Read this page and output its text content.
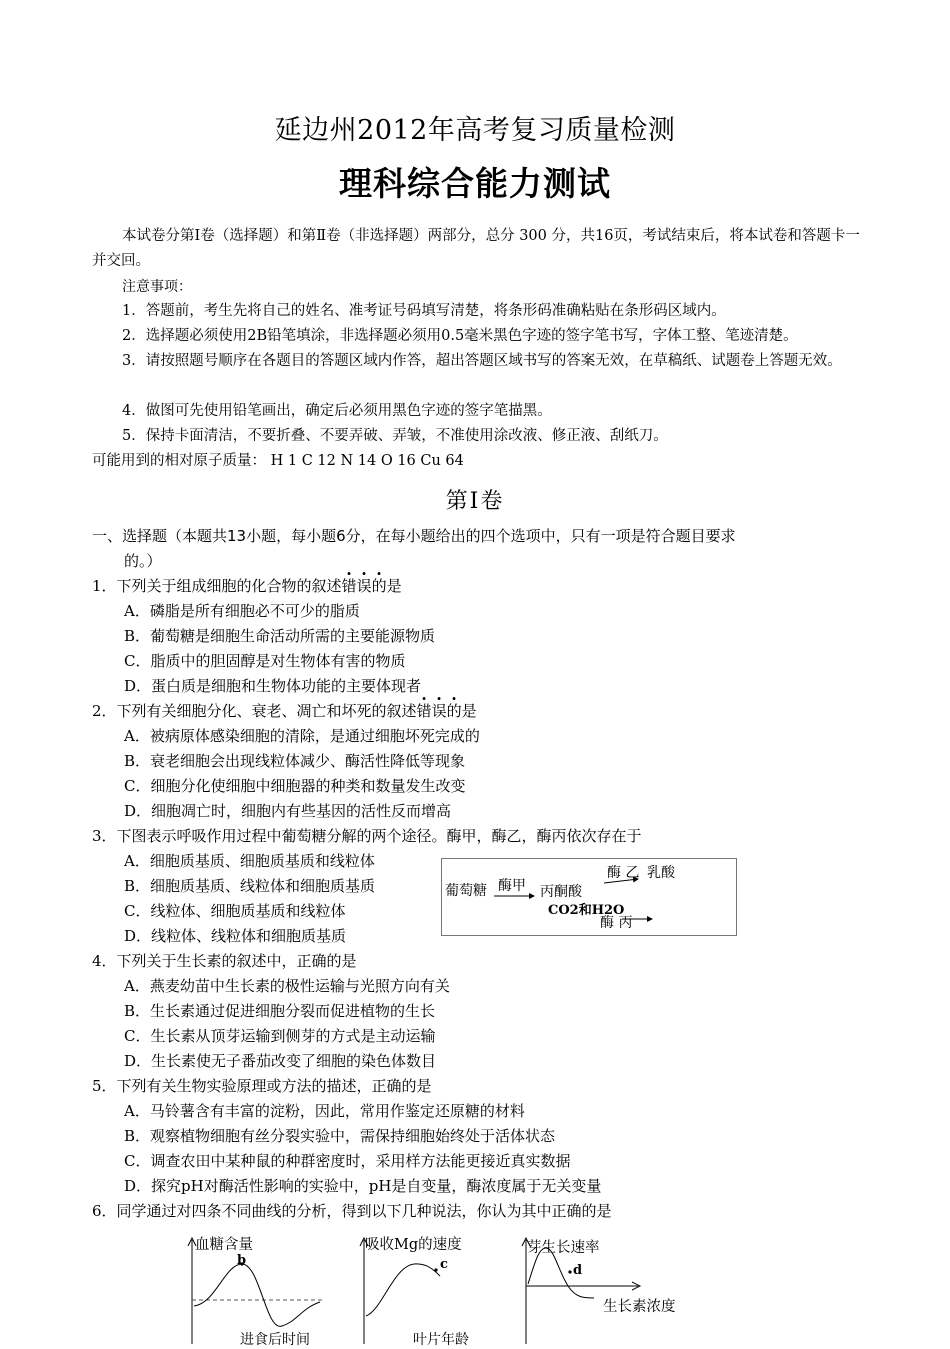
延边州2012年高考复习质量检测
理科综合能力测试
本试卷分第Ⅰ卷（选择题）和第Ⅱ卷（非选择题）两部分，总分 300 分，共16页，考试结束后，将本试卷和答题卡一并交回。
注意事项：
1．答题前，考生先将自己的姓名、准考证号码填写清楚，将条形码准确粘贴在条形码区域内。
2．选择题必须使用2B铅笔填涂，非选择题必须用0.5毫米黑色字迹的签字笔书写，字体工整、笔迹清楚。
3．请按照题号顺序在各题目的答题区域内作答，超出答题区域书写的答案无效，在草稿纸、试题卷上答题无效。
4．做图可先使用铅笔画出，确定后必须用黑色字迹的签字笔描黑。
5．保持卡面清洁，不要折叠、不要弄破、弄皱，不准使用涂改液、修正液、刮纸刀。
可能用到的相对原子质量： H 1 C 12 N 14 O 16 Cu 64
第Ⅰ卷
一、选择题（本题共13小题，每小题6分，在每小题给出的四个选项中，只有一项是符合题目要求
的。）
1．下列关于组成细胞的化合物的叙述错误的是
A．磷脂是所有细胞必不可少的脂质
B．葡萄糖是细胞生命活动所需的主要能源物质
C．脂质中的胆固醇是对生物体有害的物质
D．蛋白质是细胞和生物体功能的主要体现者
2．下列有关细胞分化、衰老、凋亡和坏死的叙述错误的是
A．被病原体感染细胞的清除，是通过细胞坏死完成的
B．衰老细胞会出现线粒体减少、酶活性降低等现象
C．细胞分化使细胞中细胞器的种类和数量发生改变
D．细胞凋亡时，细胞内有些基因的活性反而增高
3．下图表示呼吸作用过程中葡萄糖分解的两个途径。酶甲，酶乙，酶丙依次存在于
A．细胞质基质、细胞质基质和线粒体
B．细胞质基质、线粒体和细胞质基质
C．线粒体、细胞质基质和线粒体
D．线粒体、线粒体和细胞质基质
葡萄糖 酶甲 丙酮酸
酶 乙 乳酸
CO2和H2O
酶 丙
4．下列关于生长素的叙述中，正确的是
A．燕麦幼苗中生长素的极性运输与光照方向有关
B．生长素通过促进细胞分裂而促进植物的生长
C．生长素从顶芽运输到侧芽的方式是主动运输
D．生长素使无子番茄改变了细胞的染色体数目
5．下列有关生物实验原理或方法的描述，正确的是
A．马铃薯含有丰富的淀粉，因此，常用作鉴定还原糖的材料
B．观察植物细胞有丝分裂实验中，需保持细胞始终处于活体状态
C．调查农田中某种鼠的种群密度时，采用样方法能更接近真实数据
D．探究pH对酶活性影响的实验中，pH是自变量，酶浓度属于无关变量
6．同学通过对四条不同曲线的分析，得到以下几种说法，你认为其中正确的是
血糖含量
b
进食后时间
吸收Mg的速度
c
叶片年龄
芽生长速率
d
生长素浓度
